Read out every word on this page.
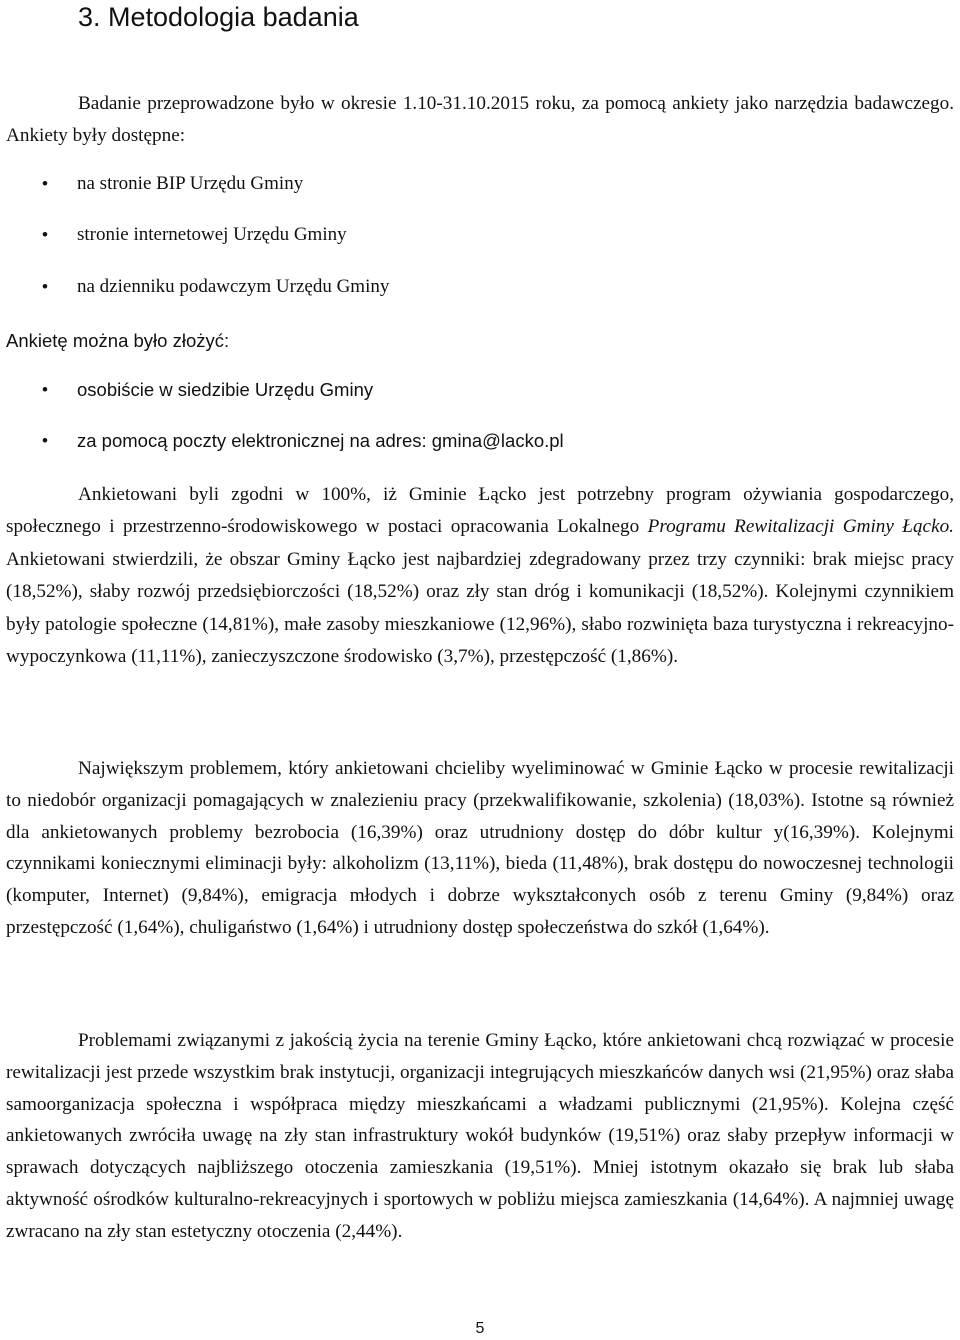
3. Metodologia badania

Badanie przeprowadzone było w okresie 1.10-31.10.2015 roku, za pomocą ankiety jako narzędzia badawczego. Ankiety były dostępne:

• na stronie BIP Urzędu Gminy
• stronie internetowej Urzędu Gminy
• na dzienniku podawczym Urzędu Gminy

Ankietę można było złożyć:

• osobiście w siedzibie Urzędu Gminy
• za pomocą poczty elektronicznej na adres: gmina@lacko.pl

Ankietowani byli zgodni w 100%, iż Gminie Łącko jest potrzebny program ożywiania gospodarczego, społecznego i przestrzenno-środowiskowego w postaci opracowania Lokalnego Programu Rewitalizacji Gminy Łącko. Ankietowani stwierdzili, że obszar Gminy Łącko jest najbardziej zdegradowany przez trzy czynniki: brak miejsc pracy (18,52%), słaby rozwój przedsiębiorczości (18,52%) oraz zły stan dróg i komunikacji (18,52%). Kolejnymi czynnikiem były patologie społeczne (14,81%), małe zasoby mieszkaniowe (12,96%), słabo rozwinięta baza turystyczna i rekreacyjno-wypoczynkowa (11,11%), zanieczyszczone środowisko (3,7%), przestępczość (1,86%).

Największym problemem, który ankietowani chcieliby wyeliminować w Gminie Łącko w procesie rewitalizacji to niedobór organizacji pomagających w znalezieniu pracy (przekwalifikowanie, szkolenia) (18,03%). Istotne są również dla ankietowanych problemy bezrobocia (16,39%) oraz utrudniony dostęp do dóbr kultur y(16,39%). Kolejnymi czynnikami koniecznymi eliminacji były: alkoholizm (13,11%), bieda (11,48%), brak dostępu do nowoczesnej technologii (komputer, Internet) (9,84%), emigracja młodych i dobrze wykształconych osób z terenu Gminy (9,84%) oraz przestępczość (1,64%), chuligaństwo (1,64%) i utrudniony dostęp społeczeństwa do szkół (1,64%).

Problemami związanymi z jakością życia na terenie Gminy Łącko, które ankietowani chcą rozwiązać w procesie rewitalizacji jest przede wszystkim brak instytucji, organizacji integrujących mieszkańców danych wsi (21,95%) oraz słaba samoorganizacja społeczna i współpraca między mieszkańcami a władzami publicznymi (21,95%). Kolejna część ankietowanych zwróciła uwagę na zły stan infrastruktury wokół budynków (19,51%) oraz słaby przepływ informacji w sprawach dotyczących najbliższego otoczenia zamieszkania (19,51%). Mniej istotnym okazało się brak lub słaba aktywność ośrodków kulturalno-rekreacyjnych i sportowych w pobliżu miejsca zamieszkania (14,64%). A najmniej uwagę zwracano na zły stan estetyczny otoczenia (2,44%).

5
